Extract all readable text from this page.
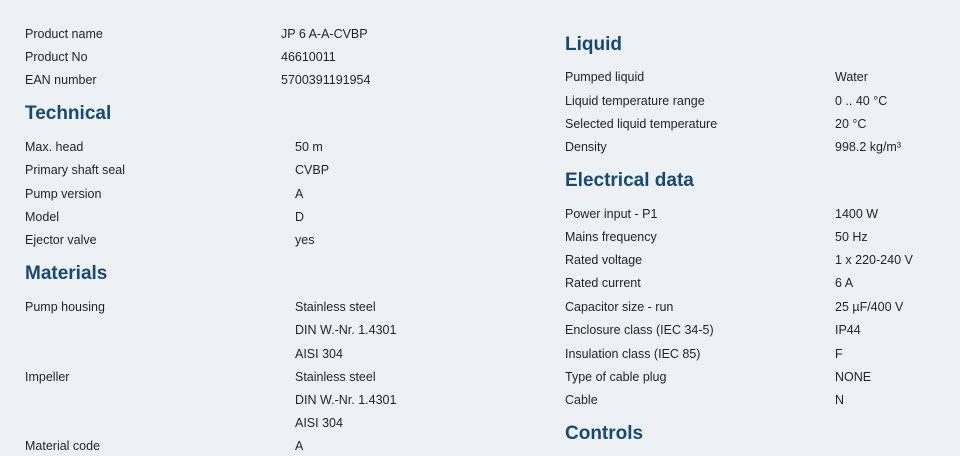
Product name	JP 6 A-A-CVBP
Product No	46610011
EAN number	5700391191954
Technical
Max. head	50 m
Primary shaft seal	CVBP
Pump version	A
Model	D
Ejector valve	yes
Materials
Pump housing	Stainless steel
DIN W.-Nr. 1.4301
AISI 304
Impeller	Stainless steel
DIN W.-Nr. 1.4301
AISI 304
Material code	A
Liquid
Pumped liquid	Water
Liquid temperature range	0 .. 40 °C
Selected liquid temperature	20 °C
Density	998.2 kg/m³
Electrical data
Power input - P1	1400 W
Mains frequency	50 Hz
Rated voltage	1 x 220-240 V
Rated current	6 A
Capacitor size - run	25 µF/400 V
Enclosure class (IEC 34-5)	IP44
Insulation class (IEC 85)	F
Type of cable plug	NONE
Cable	N
Controls
